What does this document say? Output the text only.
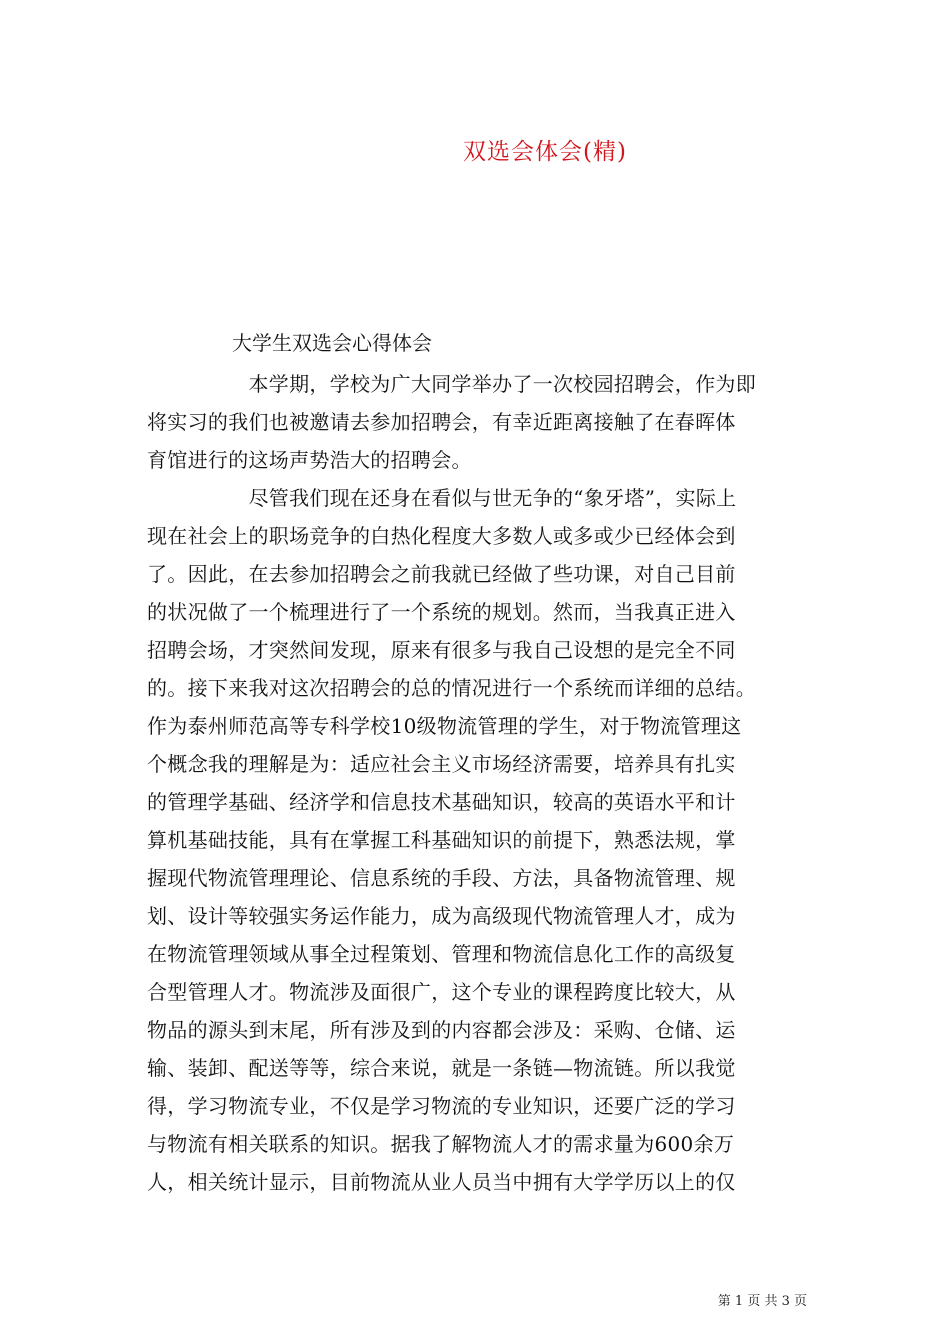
双选会体会(精)
大学生双选会心得体会
　　　　　本学期，学校为广大同学举办了一次校园招聘会，作为即
将实习的我们也被邀请去参加招聘会，有幸近距离接触了在春晖体
育馆进行的这场声势浩大的招聘会。
　　　　　尽管我们现在还身在看似与世无争的“象牙塔”，实际上
现在社会上的职场竞争的白热化程度大多数人或多或少已经体会到
了。因此，在去参加招聘会之前我就已经做了些功课，对自己目前
的状况做了一个梳理进行了一个系统的规划。然而，当我真正进入
招聘会场，才突然间发现，原来有很多与我自己设想的是完全不同
的。接下来我对这次招聘会的总的情况进行一个系统而详细的总结。
作为泰州师范高等专科学校10级物流管理的学生，对于物流管理这
个概念我的理解是为：适应社会主义市场经济需要，培养具有扎实
的管理学基础、经济学和信息技术基础知识，较高的英语水平和计
算机基础技能，具有在掌握工科基础知识的前提下，熟悉法规，掌
握现代物流管理理论、信息系统的手段、方法，具备物流管理、规
划、设计等较强实务运作能力，成为高级现代物流管理人才，成为
在物流管理领域从事全过程策划、管理和物流信息化工作的高级复
合型管理人才。物流涉及面很广，这个专业的课程跨度比较大，从
物品的源头到末尾，所有涉及到的内容都会涉及：采购、仓储、运
输、装卸、配送等等，综合来说，就是一条链—物流链。所以我觉
得，学习物流专业，不仅是学习物流的专业知识，还要广泛的学习
与物流有相关联系的知识。据我了解物流人才的需求量为600余万
人，相关统计显示，目前物流从业人员当中拥有大学学历以上的仅
第 1 页 共 3 页
